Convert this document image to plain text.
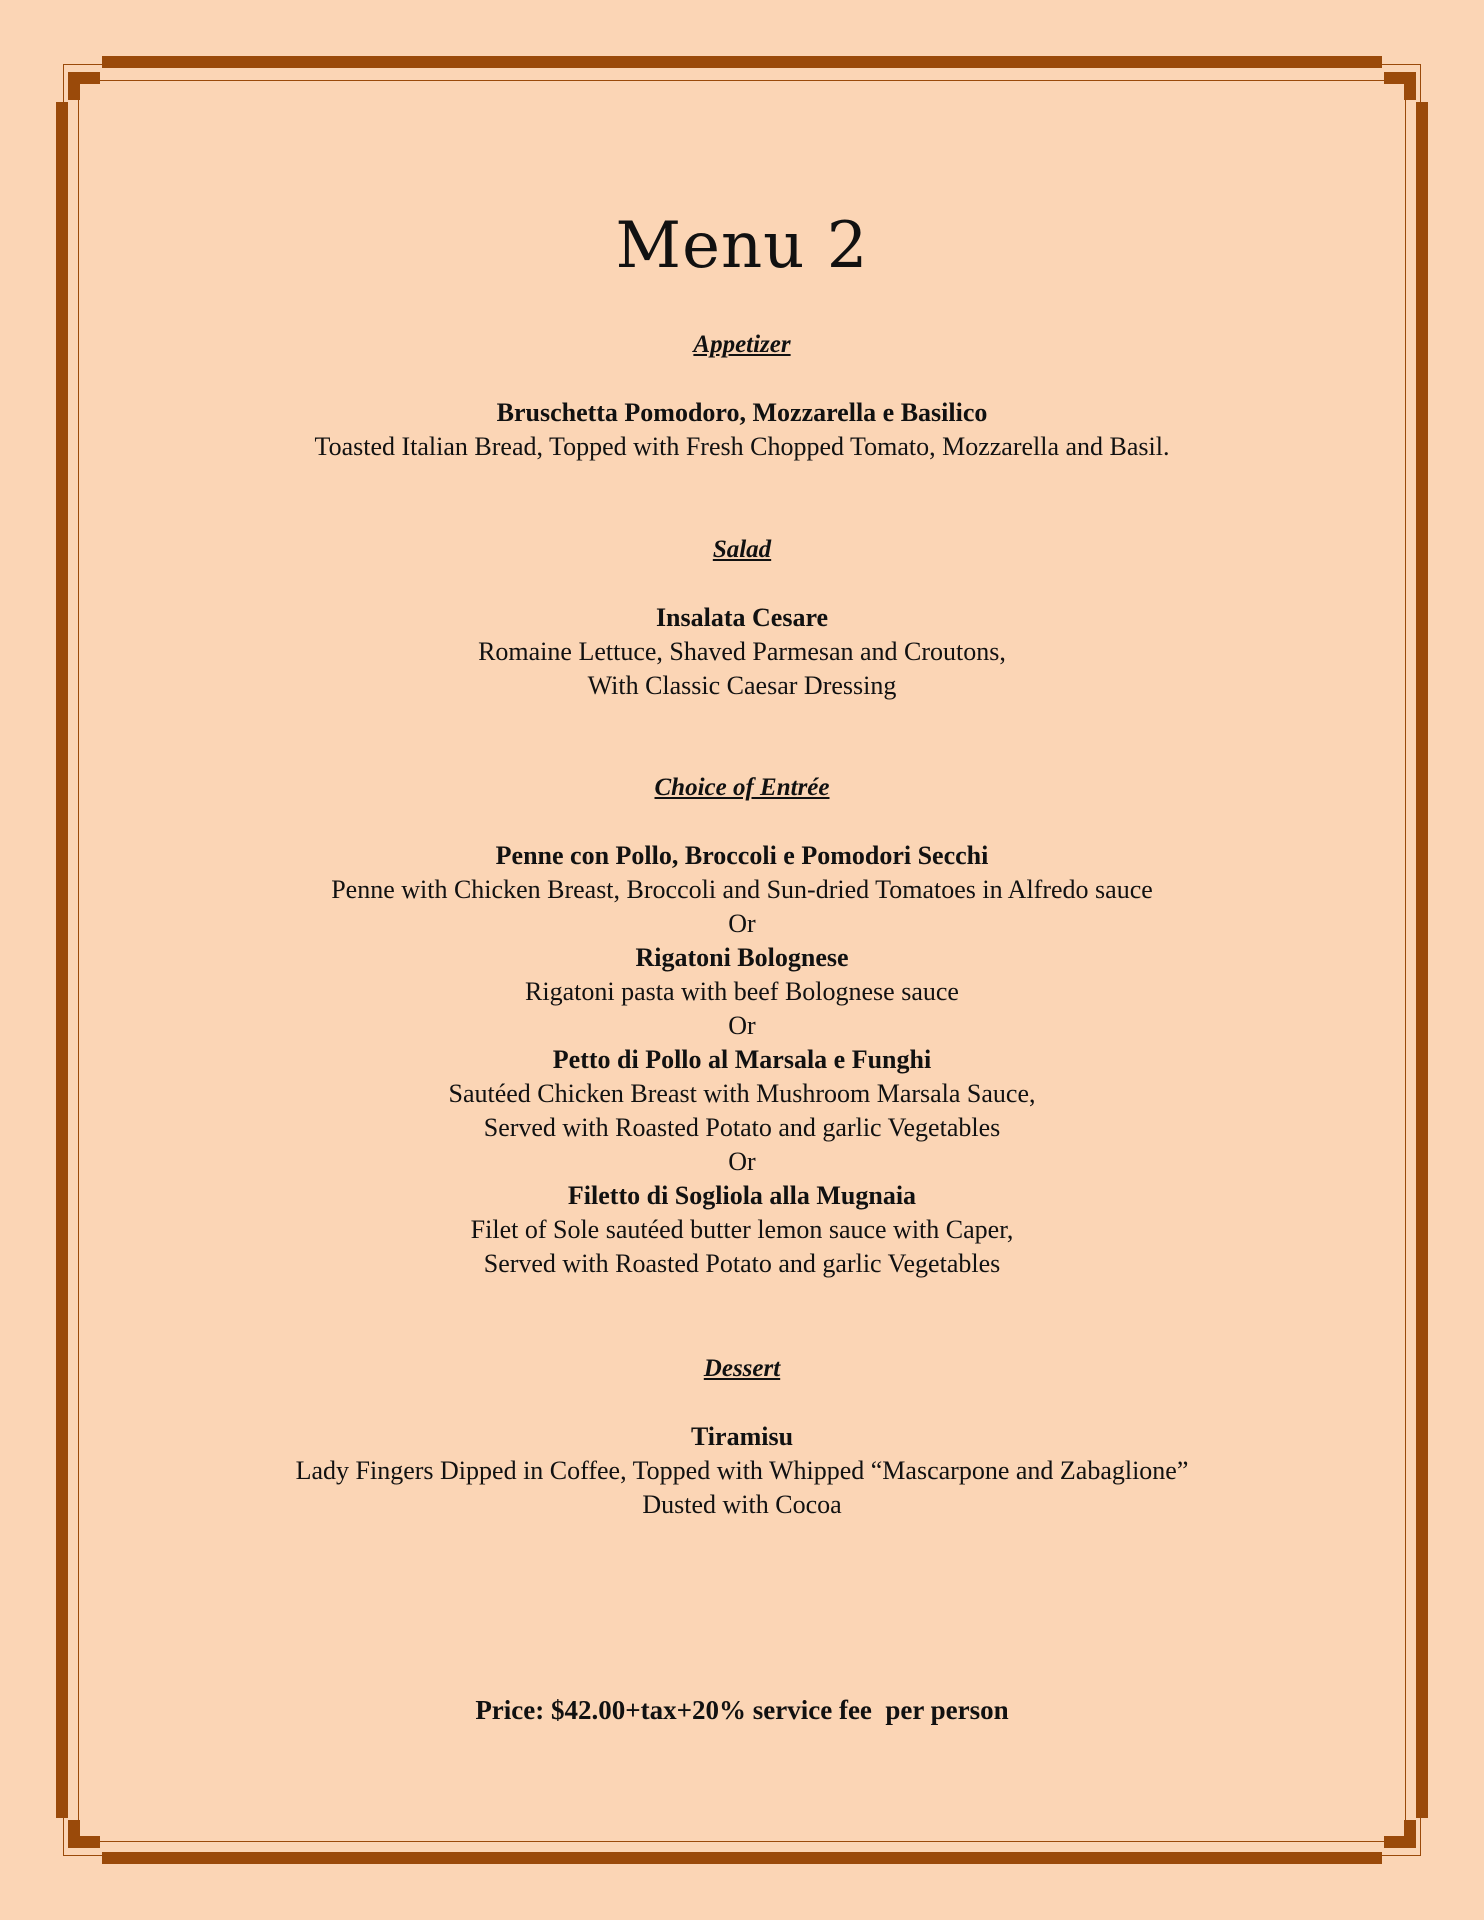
Menu 2
Appetizer
Bruschetta Pomodoro, Mozzarella e Basilico
Toasted Italian Bread, Topped with Fresh Chopped Tomato, Mozzarella and Basil.
Salad
Insalata Cesare
Romaine Lettuce, Shaved Parmesan and Croutons,
With Classic Caesar Dressing
Choice of Entrée
Penne con Pollo, Broccoli e Pomodori Secchi
Penne with Chicken Breast, Broccoli and Sun-dried Tomatoes in Alfredo sauce
Or
Rigatoni Bolognese
Rigatoni pasta with beef Bolognese sauce
Or
Petto di Pollo al Marsala e Funghi
Sautéed Chicken Breast with Mushroom Marsala Sauce,
Served with Roasted Potato and garlic Vegetables
Or
Filetto di Sogliola alla Mugnaia
Filet of Sole sautéed butter lemon sauce with Caper,
Served with Roasted Potato and garlic Vegetables
Dessert
Tiramisu
Lady Fingers Dipped in Coffee, Topped with Whipped “Mascarpone and Zabaglione”
Dusted with Cocoa
Price: $42.00+tax+20% service fee  per person
